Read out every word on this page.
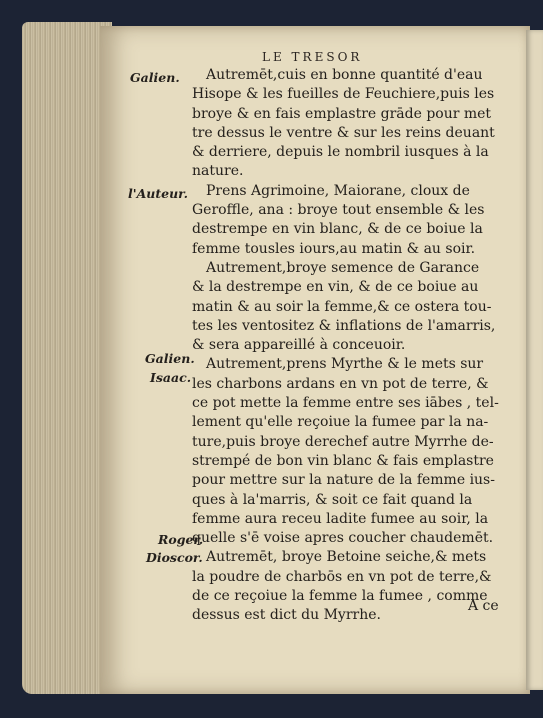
LE TRESOR
Galien.
l'Auteur.
Galien.
Isaac.
Roger.
Dioscor.
Autremēt,cuis en bonne quantité d'eau
Hisope & les fueilles de Feuchiere,puis les
broye & en fais emplastre grāde pour met
tre dessus le ventre & sur les reins deuant
& derriere, depuis le nombril iusques à la
nature.
Prens Agrimoine, Maiorane, cloux de
Geroffle, ana : broye tout ensemble & les
destrempe en vin blanc, & de ce boiue la
femme tousles iours,au matin & au soir.
Autrement,broye semence de Garance
& la destrempe en vin, & de ce boiue au
matin & au soir la femme,& ce ostera tou-
tes les ventositez & inflations de l'amarris,
& sera appareillé à conceuoir.
Autrement,prens Myrthe & le mets sur
les charbons ardans en vn pot de terre, &
ce pot mette la femme entre ses iābes , tel-
lement qu'elle reçoiue la fumee par la na-
ture,puis broye derechef autre Myrrhe de-
strempé de bon vin blanc & fais emplastre
pour mettre sur la nature de la femme ius-
ques à la'marris, & soit ce fait quand la
femme aura receu ladite fumee au soir, la
quelle s'ē voise apres coucher chaudemēt.
Autremēt, broye Betoine seiche,& mets
la poudre de charbōs en vn pot de terre,&
de ce reçoiue la femme la fumee , comme
dessus est dict du Myrrhe.
A ce
